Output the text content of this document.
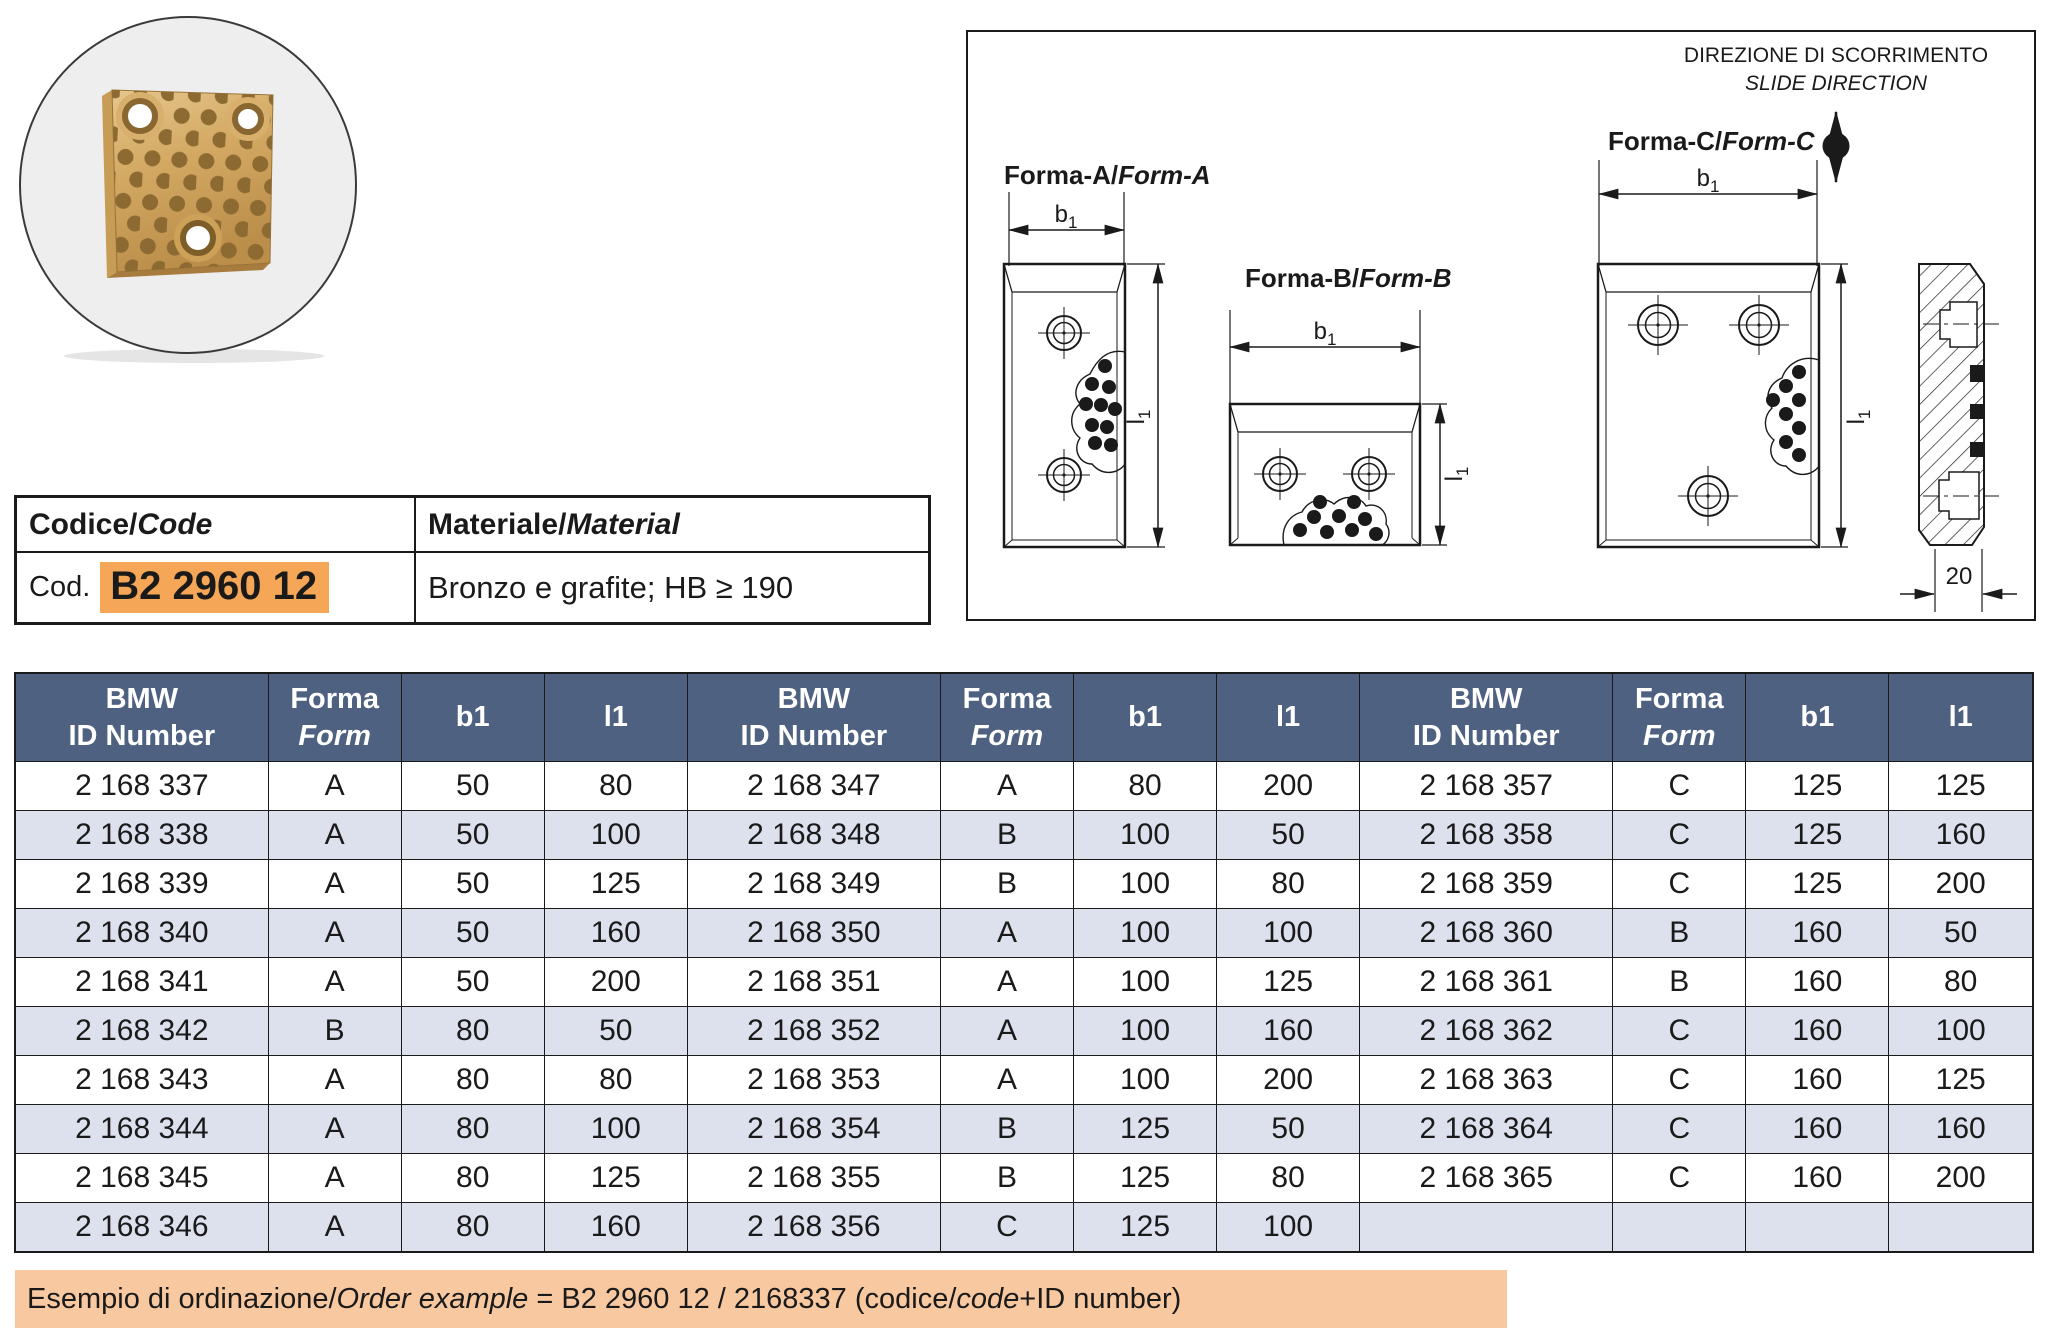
DIREZIONE DI SCORRIMENTO
SLIDE DIRECTION
Forma-A/Form-A
$b_1$
$l_1$
Forma-B/Form-B
$b_1$
$l_1$
Forma-C/Form-C
$b_1$
$l_1$
20
Codice/ Code	Materiale/ Material
Cod. B2 2960 12	Bronzo e grafite; HB ≥ 190
BMW
ID Number	Forma
Form	b1	l1	BMW
ID Number	Forma
Form	b1	l1	BMW
ID Number	Forma
Form	b1	l1
2 168 337	A	50	80	2 168 347	A	80	200	2 168 357	C	125	125
2 168 338	A	50	100	2 168 348	B	100	50	2 168 358	C	125	160
2 168 339	A	50	125	2 168 349	B	100	80	2 168 359	C	125	200
2 168 340	A	50	160	2 168 350	A	100	100	2 168 360	B	160	50
2 168 341	A	50	200	2 168 351	A	100	125	2 168 361	B	160	80
2 168 342	B	80	50	2 168 352	A	100	160	2 168 362	C	160	100
2 168 343	A	80	80	2 168 353	A	100	200	2 168 363	C	160	125
2 168 344	A	80	100	2 168 354	B	125	50	2 168 364	C	160	160
2 168 345	A	80	125	2 168 355	B	125	80	2 168 365	C	160	200
2 168 346	A	80	160	2 168 356	C	125	100				
Esempio di ordinazione/Order example = B2 2960 12 / 2168337 (codice/code+ID number)
